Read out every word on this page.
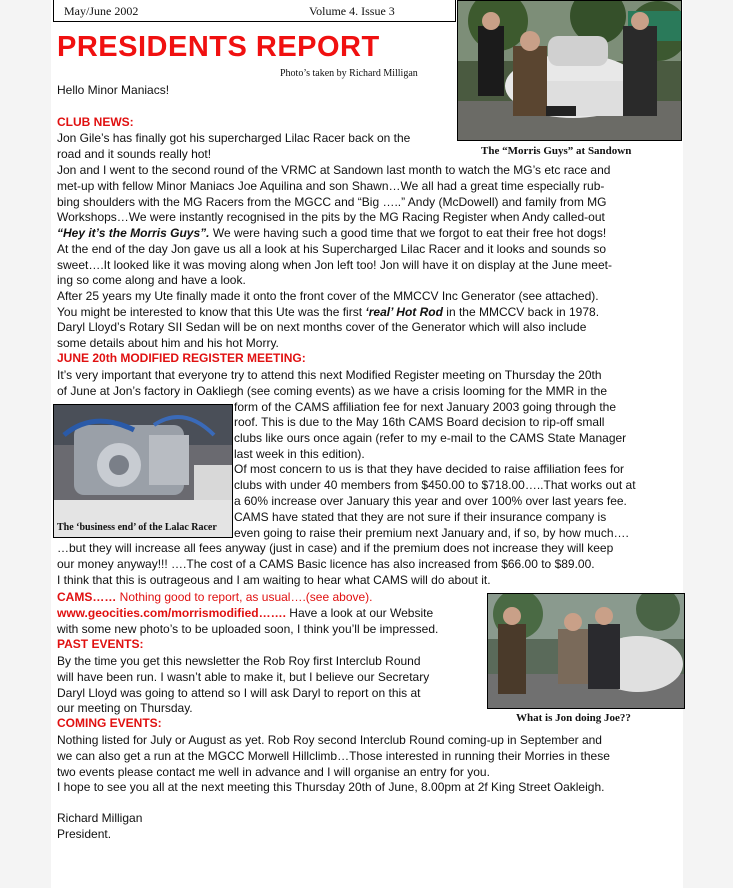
May/June 2002	Volume 4. Issue 3
PRESIDENTS REPORT
Photo’s taken by Richard Milligan
The “Morris Guys” at Sandown
Hello Minor Maniacs!
CLUB NEWS:
Jon Gile’s has finally got his supercharged Lilac Racer back on the
road and it sounds really hot!
Jon and I went to the second round of the VRMC at Sandown last month to watch the MG’s etc race and
met-up with fellow Minor Maniacs Joe Aquilina and son Shawn…We all had a great time especially rub-
bing shoulders with the MG Racers from the MGCC and “Big …..” Andy (McDowell) and family from MG
Workshops…We were instantly recognised in the pits by the MG Racing Register when Andy called-out
“Hey it’s the Morris Guys”. We were having such a good time that we forgot to eat their free hot dogs!
At the end of the day Jon gave us all a look at his Supercharged Lilac Racer and it looks and sounds so
sweet….It looked like it was moving along when Jon left too! Jon will have it on display at the June meet-
ing so come along and have a look.
After 25 years my Ute finally made it onto the front cover of the MMCCV Inc Generator (see attached).
You might be interested to know that this Ute was the first ‘real’ Hot Rod in the MMCCV back in 1978.
Daryl Lloyd’s Rotary SII Sedan will be on next months cover of the Generator which will also include
some details about him and his hot Morry.
JUNE 20th MODIFIED REGISTER MEETING:
It’s very important that everyone try to attend this next Modified Register meeting on Thursday the 20th
of June at Jon’s factory in Oakliegh (see coming events) as we have a crisis looming for the MMR in the
The ‘business end’ of the Lalac Racer
form of the CAMS affiliation fee for next January 2003 going through the
roof. This is due to the May 16th CAMS Board decision to rip-off small
clubs like ours once again (refer to my e-mail to the CAMS State Manager
last week in this edition).
Of most concern to us is that they have decided to raise affiliation fees for
clubs with under 40 members from $450.00 to $718.00…..That works out at
a 60% increase over January this year and over 100% over last years fee.
CAMS have stated that they are not sure if their insurance company is
even going to raise their premium next January and, if so, by how much….
…but they will increase all fees anyway (just in case) and if the premium does not increase they will keep
our money anyway!!! ….The cost of a CAMS Basic licence has also increased from $66.00 to $89.00.
I think that this is outrageous and I am waiting to hear what CAMS will do about it.
CAMS…… Nothing good to report, as usual….(see above).
www.geocities.com/morrismodified……. Have a look at our Website
with some new photo’s to be uploaded soon, I think you’ll be impressed.
What is Jon doing Joe??
PAST EVENTS:
By the time you get this newsletter the Rob Roy first Interclub Round
will have been run. I wasn’t able to make it, but I believe our Secretary
Daryl Lloyd was going to attend so I will ask Daryl to report on this at
our meeting on Thursday.
COMING EVENTS:
Nothing listed for July or August as yet. Rob Roy second Interclub Round coming-up in September and
we can also get a run at the MGCC Morwell Hillclimb…Those interested in running their Morries in these
two events please contact me well in advance and I will organise an entry for you.
I hope to see you all at the next meeting this Thursday 20th of June, 8.00pm at 2f King Street Oakleigh.
Richard Milligan
President.
